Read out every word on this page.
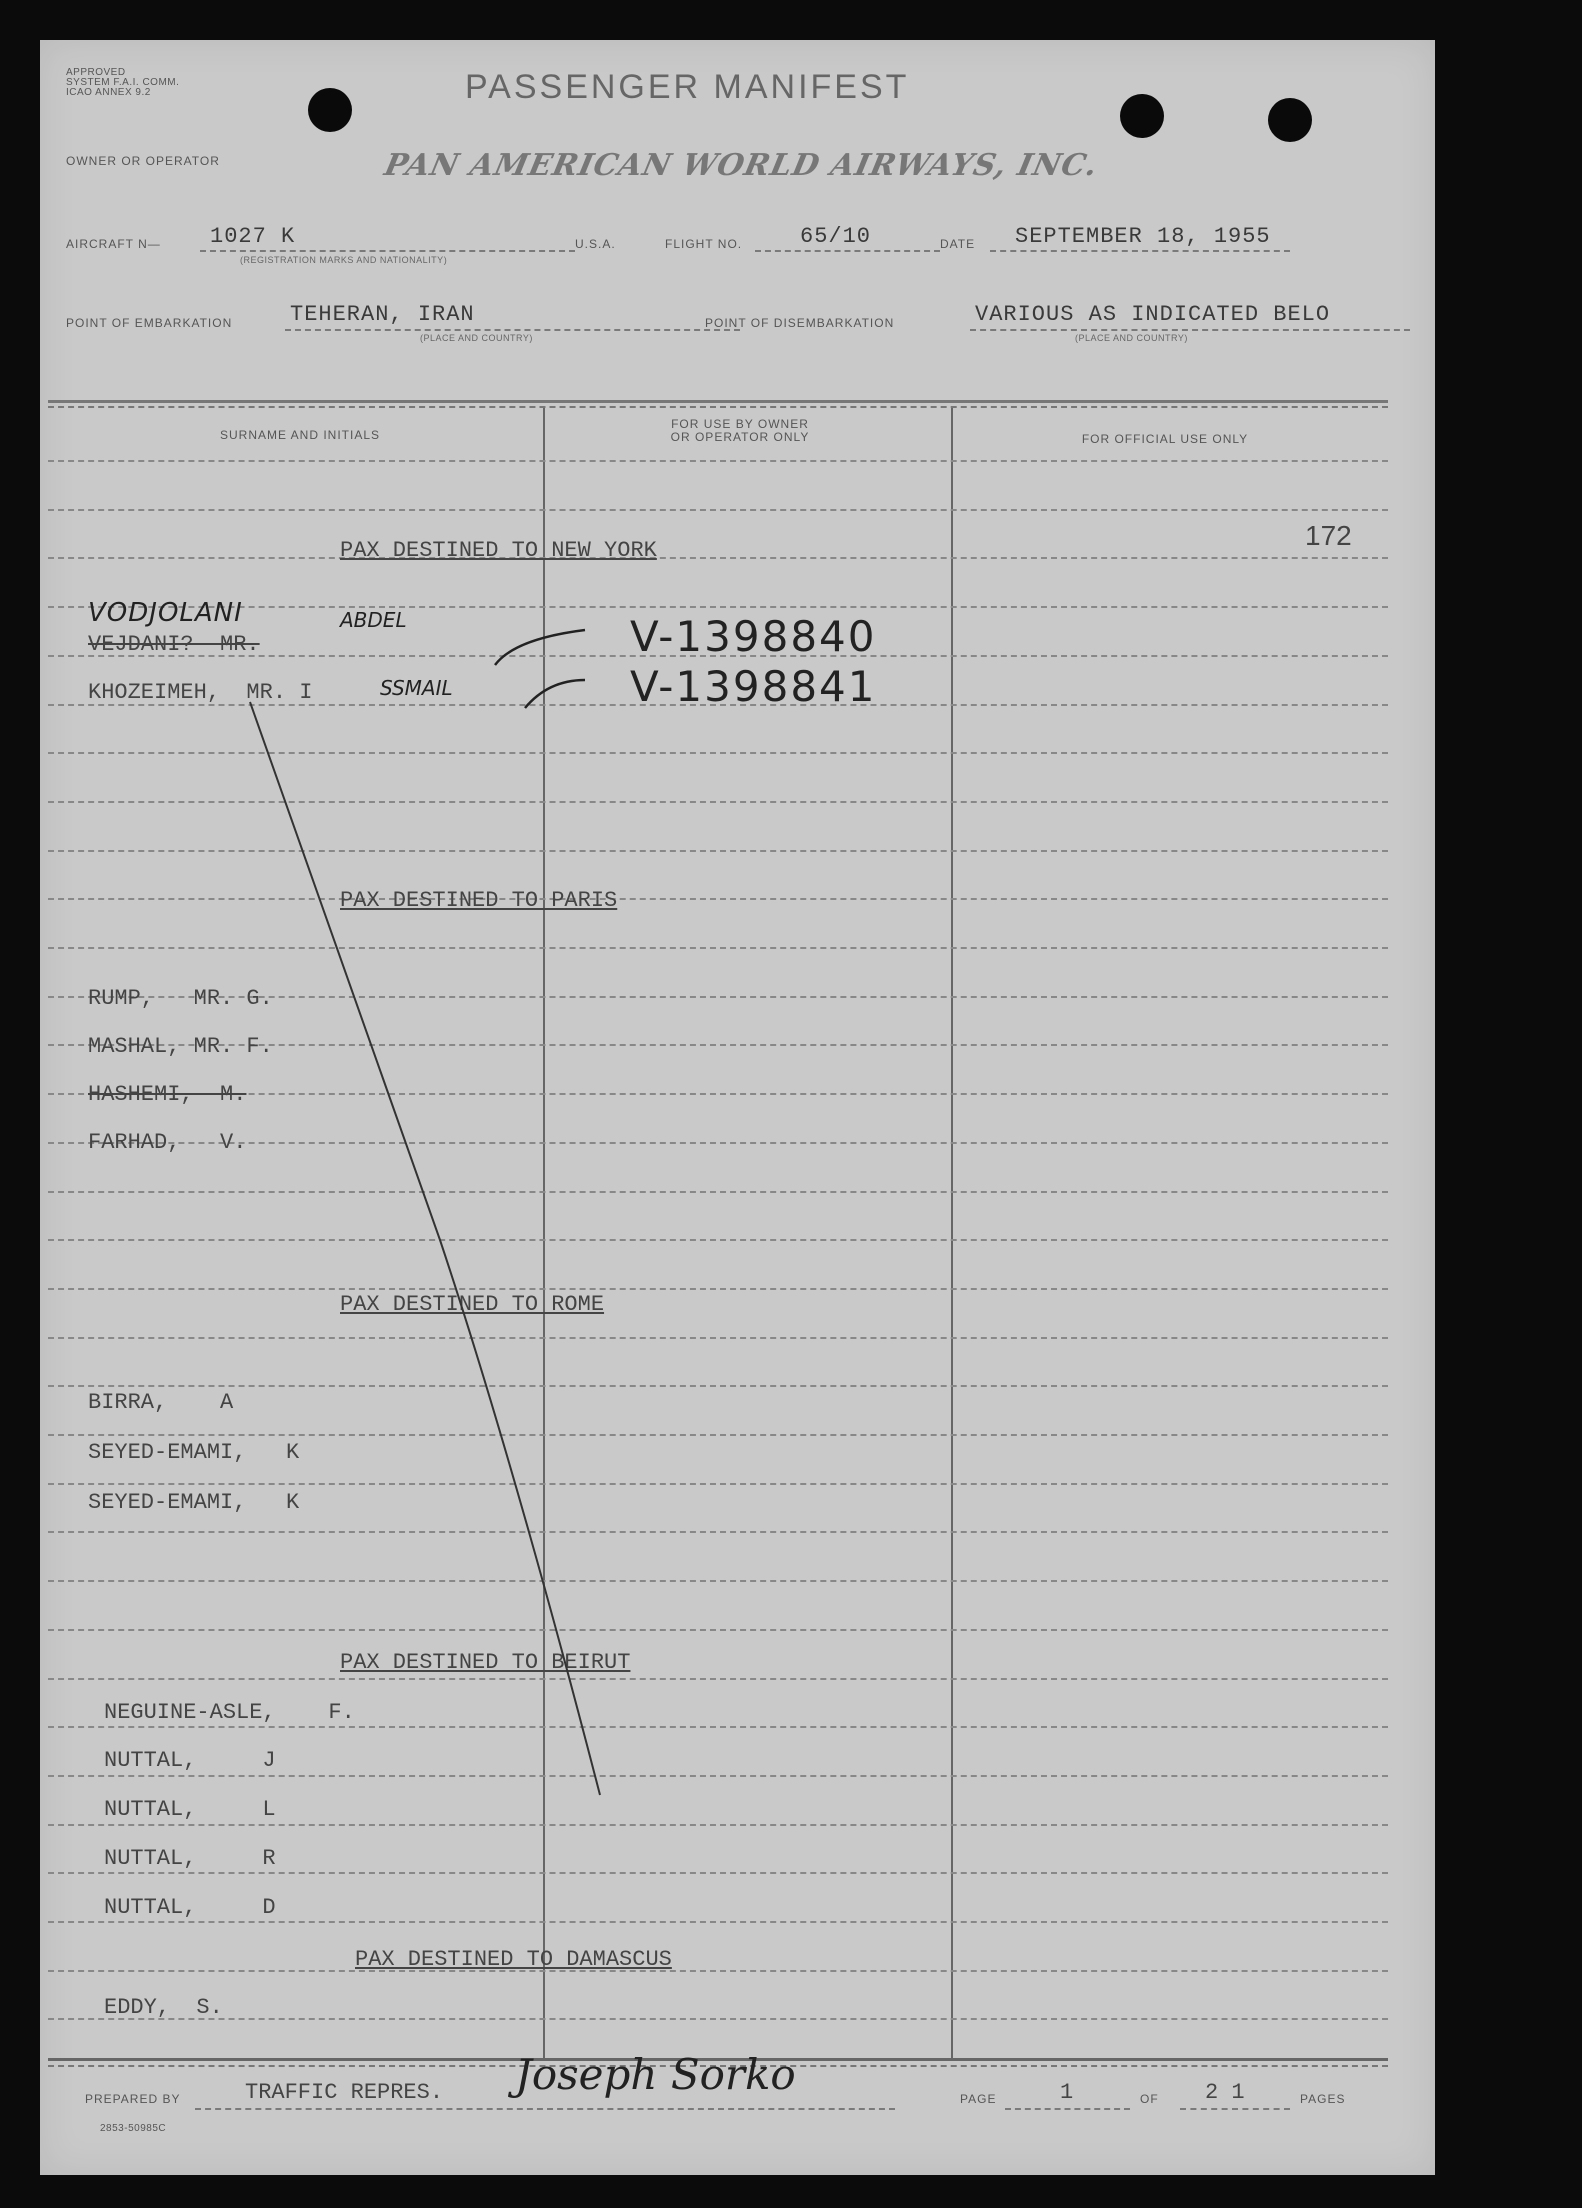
APPROVED
SYSTEM F.A.I. COMM.
ICAO ANNEX 9.2	PASSENGER MANIFEST
OWNER OR OPERATOR	PAN AMERICAN WORLD AIRWAYS, INC.
AIRCRAFT N— 1027 K
(REGISTRATION MARKS AND NATIONALITY)
U.S.A.	FLIGHT NO.	65/10	DATE SEPTEMBER 18, 1955
POINT OF EMBARKATION	TEHERAN, IRAN
(PLACE AND COUNTRY)
POINT OF DISEMBARKATION	VARIOUS AS INDICATED BELO
(PLACE AND COUNTRY)
SURNAME AND INITIALS
FOR USE BY OWNER
OR OPERATOR ONLY	FOR OFFICIAL USE ONLY
172
PAX DESTINED TO NEW YORK
VODJOLANI	ABDEL
VEJDANI?  MR.
KHOZEIMEH,  MR. I	SSMAIL
V-1398840
V-1398841
PAX DESTINED TO PARIS
RUMP,   MR. G.
MASHAL, MR. F.
HASHEMI,  M.
FARHAD,   V.
PAX DESTINED TO ROME
BIRRA,    A
SEYED-EMAMI,   K
SEYED-EMAMI,   K
PAX DESTINED TO BEIRUT
NEGUINE-ASLE,    F.
NUTTAL,     J
NUTTAL,     L
NUTTAL,     R
NUTTAL,     D
PAX DESTINED TO DAMASCUS
EDDY,  S.
PREPARED BY	TRAFFIC REPRES. Joseph Sorko
2853-50985C
PAGE	1	OF 2 1	PAGES
